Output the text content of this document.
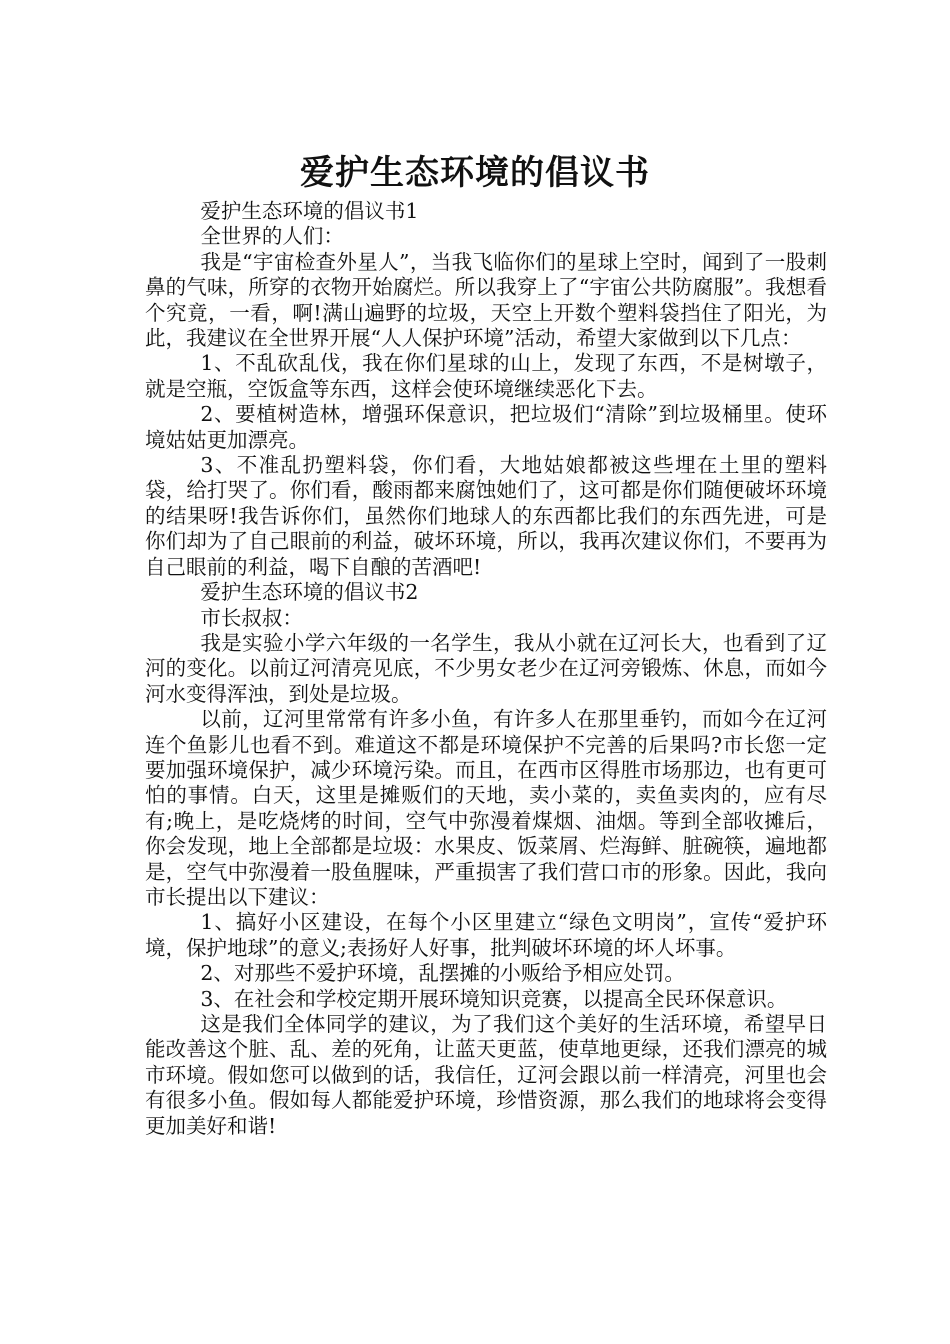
爱护生态环境的倡议书

爱护生态环境的倡议书1

全世界的人们：

我是“宇宙检查外星人”，当我飞临你们的星球上空时，闻到了一股刺鼻的气味，所穿的衣物开始腐烂。所以我穿上了“宇宙公共防腐服”。我想看个究竟，一看，啊!满山遍野的垃圾，天空上开数个塑料袋挡住了阳光，为此，我建议在全世界开展“人人保护环境”活动，希望大家做到以下几点：

1、不乱砍乱伐，我在你们星球的山上，发现了东西，不是树墩子，就是空瓶，空饭盒等东西，这样会使环境继续恶化下去。

2、要植树造林，增强环保意识，把垃圾们“清除”到垃圾桶里。使环境姑姑更加漂亮。

3、不准乱扔塑料袋，你们看，大地姑娘都被这些埋在土里的塑料袋，给打哭了。你们看，酸雨都来腐蚀她们了，这可都是你们随便破坏环境的结果呀!我告诉你们，虽然你们地球人的东西都比我们的东西先进，可是你们却为了自己眼前的利益，破坏环境，所以，我再次建议你们，不要再为自己眼前的利益，喝下自酿的苦酒吧!

爱护生态环境的倡议书2

市长叔叔：

我是实验小学六年级的一名学生，我从小就在辽河长大，也看到了辽河的变化。以前辽河清亮见底，不少男女老少在辽河旁锻炼、休息，而如今河水变得浑浊，到处是垃圾。

以前，辽河里常常有许多小鱼，有许多人在那里垂钓，而如今在辽河连个鱼影儿也看不到。难道这不都是环境保护不完善的后果吗?市长您一定要加强环境保护，减少环境污染。而且，在西市区得胜市场那边，也有更可怕的事情。白天，这里是摊贩们的天地，卖小菜的，卖鱼卖肉的，应有尽有;晚上，是吃烧烤的时间，空气中弥漫着煤烟、油烟。等到全部收摊后，你会发现，地上全部都是垃圾：水果皮、饭菜屑、烂海鲜、脏碗筷，遍地都是，空气中弥漫着一股鱼腥味，严重损害了我们营口市的形象。因此，我向市长提出以下建议：

1、搞好小区建设，在每个小区里建立“绿色文明岗”，宣传“爱护环境，保护地球”的意义;表扬好人好事，批判破坏环境的坏人坏事。

2、对那些不爱护环境，乱摆摊的小贩给予相应处罚。

3、在社会和学校定期开展环境知识竞赛，以提高全民环保意识。

这是我们全体同学的建议，为了我们这个美好的生活环境，希望早日能改善这个脏、乱、差的死角，让蓝天更蓝，使草地更绿，还我们漂亮的城市环境。假如您可以做到的话，我信任，辽河会跟以前一样清亮，河里也会有很多小鱼。假如每人都能爱护环境，珍惜资源，那么我们的地球将会变得更加美好和谐!
